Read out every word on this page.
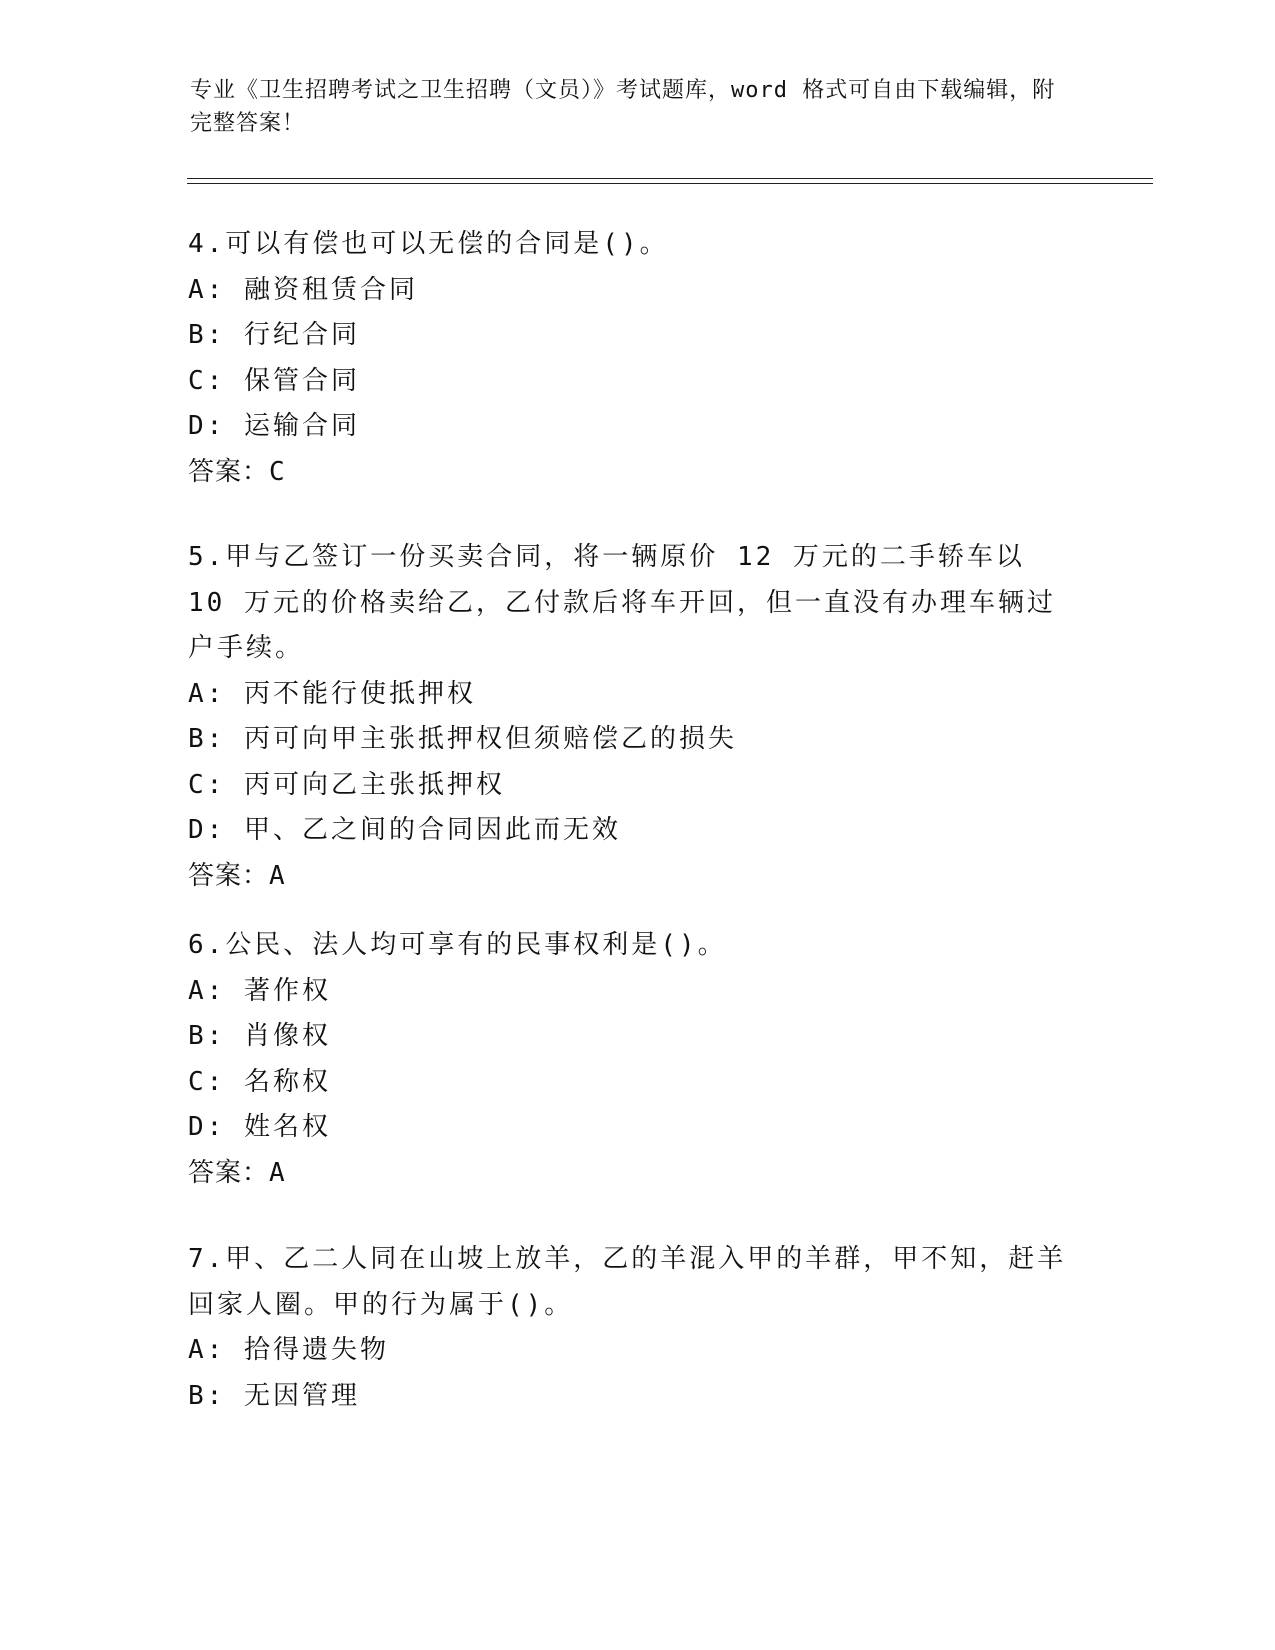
专业《卫生招聘考试之卫生招聘（文员）》考试题库，word 格式可自由下载编辑，附完整答案！
4.可以有偿也可以无偿的合同是()。
A: 融资租赁合同
B: 行纪合同
C: 保管合同
D: 运输合同
答案：C
5.甲与乙签订一份买卖合同，将一辆原价 12 万元的二手轿车以 10 万元的价格卖给乙，乙付款后将车开回，但一直没有办理车辆过户手续。
A: 丙不能行使抵押权
B: 丙可向甲主张抵押权但须赔偿乙的损失
C: 丙可向乙主张抵押权
D: 甲、乙之间的合同因此而无效
答案：A
6.公民、法人均可享有的民事权利是()。
A: 著作权
B: 肖像权
C: 名称权
D: 姓名权
答案：A
7.甲、乙二人同在山坡上放羊，乙的羊混入甲的羊群，甲不知，赶羊回家人圈。甲的行为属于()。
A: 拾得遗失物
B: 无因管理
